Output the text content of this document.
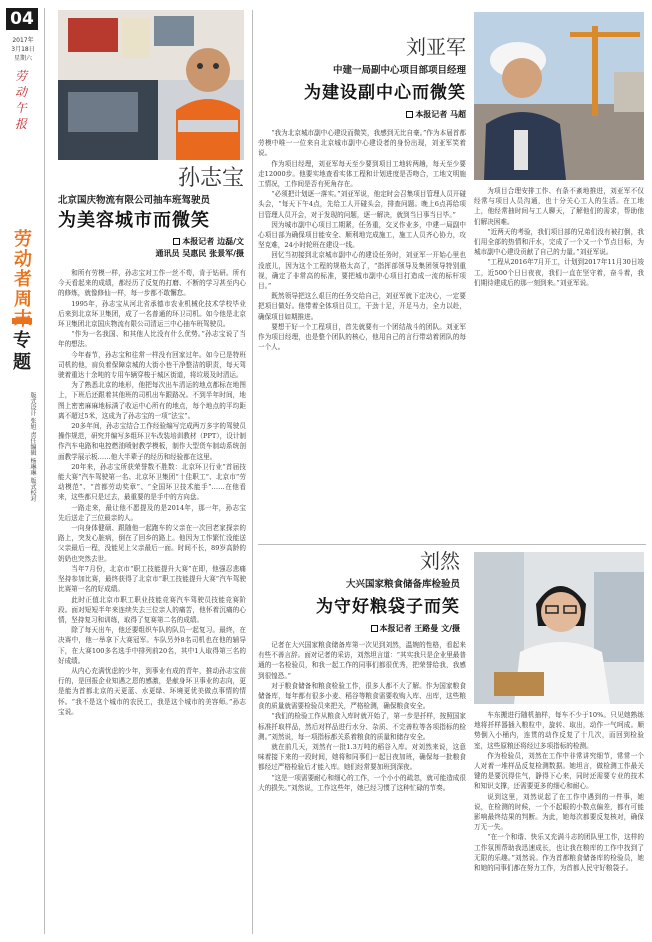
04
2017年
3月18日
星期六
劳动午报
劳动者周
专题
版式设计 张旭 责任编辑 杨琳琳 版式校对
孙志宝
北京国庆物流有限公司抽车班驾驶员
为美容城市而微笑
本报记者 边磊/文
通讯员 吴惠民 张景军/摄

和所有劳模一样，孙志宝对工作一丝不苟，肯于钻研。所有今天看起来的成绩，都经历了反复的打磨、不断的学习甚至内心的修炼，就像修仙一样，每一步都不敢懈怠。

1995年，孙志宝从河北省承德市农业机械化技术学校毕业后来到北京环卫集团，成了一名普通的环卫司机。如今他是北京环卫集团北京国庆物流有限公司清运三中心抽车班驾驶员。

“作为一名我国、和其他人比没有什么优势。”孙志宝说了当年的想法。

今年春节，孙志宝和往常一样没有回家过年。如今已是特班司机的他，肩负着保障京城的大街小巷干净整洁的职责，每天驾驶着重达十余吨的专用车辆穿梭于城区街道，将垃圾及时清运。

为了熟悉北京的地形，他把每次出车清运的地点都标在地图上，下班后还跟着其他班的司机出车跟路况。不到半年时间，地图上密密麻麻地标满了收运中心所有的地点，每个地点的平均距离不超过5米，这成为了孙志宝的一项“法宝”。

20多年间，孙志宝结合工作经验编写完成两万多字的驾驶员操作规范，研究并编写多组环卫车改装培训教材（PPT），设计制作汽车电路和电控燃油喷射教学模板，制作大型货车制动系统剖面教学展示板……他大半辈子的经历和经验都在这里。

20年来，孙志宝所获荣誉数不胜数：北京环卫行业“首届技能大赛”汽车驾驶第一名、北京环卫集团“十佳职工”、北京市“劳动模范”、“首都劳动奖章”、“全国环卫技术能手”……在他看来，这些都只是过去，最重要的是手中的方向盘。

一路走来，最让他不愿提及的是2014年，那一年，孙志宝先后送走了三位最亲的人。

一向身体健硕、跟随他一起跑车的父亲在一次回老家探亲的路上，突发心脏病，倒在了回乡的路上。他因为工作繁忙没能送父亲最后一程，没能见上父亲最后一面。时间不长，89岁高龄的奶奶也突然去世。

当年7月份，北京市“职工技能提升大赛”在即，他强忍悲痛坚持参加比赛，最终获得了北京市“职工技能提升大赛”汽车驾驶比赛第一名的好成绩。

此时正值北京市职工职业技能竞赛汽车驾驶员技能竞赛阶段。面对短短半年来连续失去三位亲人的痛苦，他怀着沉痛的心情，坚持复习和训练，取得了复赛第二名的成绩。

除了每天出车，他还要组织车队的队员一起复习。最终，在决赛中，他一举拿下大赛冠军。车队另外8名司机也在他的辅导下，在大赛100多名选手中排列前20名，其中1人取得第三名的好成绩。

从内心充满忧虑的少年，到事业有成的青年，推动孙志宝前行的，是回报企业知遇之恩的感激，是献身环卫事业的志向，更是能为首都北京的天更蓝、水更绿、环境更优美做点事情的情怀。“我不是这个城市的农民工，我是这个城市的美容师。”孙志宝说。

刘亚军
中建一局副中心项目部项目经理
为建设副中心而微笑
本报记者 马超

“我为北京城市副中心建设而微笑，我感到无比自豪。”作为本届首都劳模中唯一一位来自北京城市副中心建设者的身份出现，刘亚军笑着说。

作为项目经理，刘亚军每天至少要到项目工地转两趟，每天至少要走12000步。他要实地查看实体工程和计划进度是否吻合，工地文明施工情况，工作间是否有死角存在。

“必须把计划逐一落实。”刘亚军说，他定时会召集项目管理人员开碰头会，“每天下午4点，先给工人开碰头会，排查问题。晚上6点再给项目管理人员开会，对于发现的问题，逐一解决，就到当日事当日毕。”

因为城市副中心项目工期紧，任务重，交叉作业多，中建一局副中心项目部为确保项目能安全、顺利地完成施工，施工人员齐心协力，攻坚克难，24小时轮班在建设一线。

回忆当初接到北京城市副中心的建设任务时，刘亚军一开始心里也没底儿，因为这个工程的规格太高了，“指挥部领导及集团领导特别重视，确定了非常高的标准，要把城市副中心项目打造成一流的标杆项目。”

既然领导把这么艰巨的任务交给自己，刘亚军就下定决心，一定要把项目做好。他带着全体项目员工，干劲十足，开足马力，全力以赴，确保项目如期推进。

要想干好一个工程项目，首先就要有一个团结战斗的团队。刘亚军作为项目经理，也是整个团队的核心，他用自己的言行带动着团队的每一个人。

为项目合理安排工作、有条不紊地推进，刘亚军不仅经常与项目人员沟通，也十分关心工人的生活。在工地上，他经常抽时间与工人聊天，了解他们的需求，帮助他们解决困难。

“近两天的考验，我们项目部的兄弟们没有被打倒，我们用全部的热情和汗水，完成了一个又一个节点目标，为城市副中心建设贡献了自己的力量。”刘亚军说。

“工程从2016年7月开工，计划到2017年11月30日竣工，近500个日日夜夜，我们一直在坚守着，奋斗着，我们期待建成后的那一刻到来。”刘亚军说。

刘然
大兴国家粮食储备库检验员
为守好粮袋子而笑
本报记者 王路曼 文/摄

记者在大兴国家粮食储备库第一次见到刘然，温婉的性格，看起来有些不善言辞。面对记者的采访，刘然坦言道：“其实我只是企业里最普通的一名检验员，和我一起工作的同事们都很优秀，把荣誉给我，我感到很惶恐。”

对于粮食储备和粮食检验工作，很多人都不大了解。作为国家粮食储备库，每年都有很多小麦、稻谷等粮食需要收购入库、出库，这些粮食的质量就需要检验员来把关，严格检测，确保粮食安全。

“我们的检验工作从粮食入库时就开始了，第一步是扦样，按照国家标准扦取样品，然后对样品进行水分、杂质、不完善粒等各项指标的检测。”刘然说，每一项指标都关系着粮食的质量和储存安全。

就在前几天，刘然有一批1.3万吨的稻谷入库。对刘然来说，这意味着接下来的一段时间，她将和同事们一起日夜加班，确保每一批粮食都经过严格检验后才能入库。她们经常要加班到深夜。

“这是一项需要耐心和细心的工作，一个小小的疏忽，就可能造成很大的损失。”刘然说，工作这些年，她已经习惯了这种忙碌的节奏。

车东搬进行随机抽样，每车不少于10%。只见她熟练地将扦样器插入粮粒中，旋转、取出，动作一气呵成。顺势倒入小桶内，连贯的动作反复了十几次，而回到检验室，这些原粮还将经过多项指标的检测。

作为检验员，刘然在工作中非常讲究细节，常常一个人对着一堆样品反复检测数据。她坦言，做检测工作最关键的是要沉得住气，静得下心来，同时还需要专业的技术和知识支撑，还需要更多的细心和耐心。

说到这里，刘然说起了在工作中遇到的一件事，她说，在检测的时候，一个不起眼的小数点偏差，都有可能影响最终结果的判断。为此，她每次都要反复核对，确保万无一失。

“在一个和谐、快乐又充满斗志的团队里工作，这样的工作氛围帮助我迅速成长，也让我在粮库的工作中找到了无限的乐趣。”刘然说。作为首都粮食储备库的检验员，她和她的同事们都在努力工作，为首都人民守好粮袋子。
